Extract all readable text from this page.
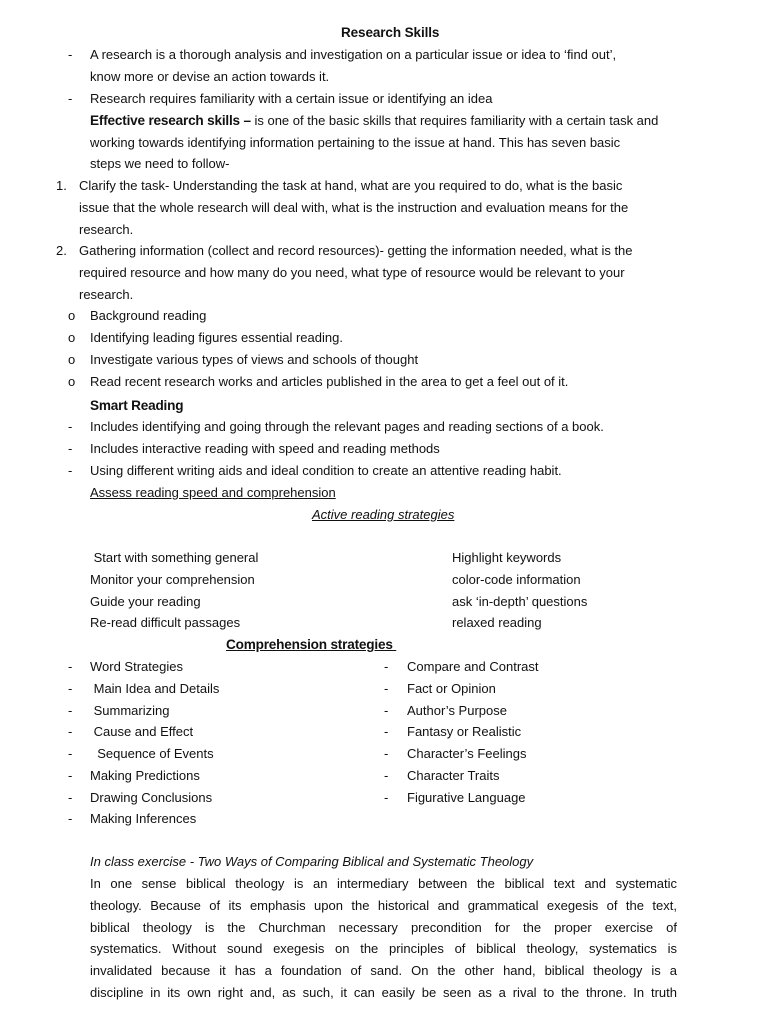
Research Skills
- A research is a thorough analysis and investigation on a particular issue or idea to ‘find out’,
know more or devise an action towards it.
- Research requires familiarity with a certain issue or identifying an idea
Effective research skills – is one of the basic skills that requires familiarity with a certain task and
working towards identifying information pertaining to the issue at hand. This has seven basic
steps we need to follow-
1. Clarify the task- Understanding the task at hand, what are you required to do, what is the basic
issue that the whole research will deal with, what is the instruction and evaluation means for the
research.
2. Gathering information (collect and record resources)- getting the information needed, what is the
required resource and how many do you need, what type of resource would be relevant to your
research.
o Background reading
o Identifying leading figures essential reading.
o Investigate various types of views and schools of thought
o Read recent research works and articles published in the area to get a feel out of it.
Smart Reading
- Includes identifying and going through the relevant pages and reading sections of a book.
- Includes interactive reading with speed and reading methods
- Using different writing aids and ideal condition to create an attentive reading habit.
Assess reading speed and comprehension
Active reading strategies
Start with something general
Monitor your comprehension
Guide your reading
Re-read difficult passages
Highlight keywords
color-code information
ask ‘in-depth’ questions
relaxed reading
Comprehension strategies
- Word Strategies
- Main Idea and Details
- Summarizing
- Cause and Effect
- Sequence of Events
- Making Predictions
- Drawing Conclusions
- Making Inferences
- Compare and Contrast
- Fact or Opinion
- Author’s Purpose
- Fantasy or Realistic
- Character’s Feelings
- Character Traits
- Figurative Language
In class exercise - Two Ways of Comparing Biblical and Systematic Theology
In one sense biblical theology is an intermediary between the biblical text and systematic
theology. Because of its emphasis upon the historical and grammatical exegesis of the text,
biblical theology is the Churchman necessary precondition for the proper exercise of
systematics. Without sound exegesis on the principles of biblical theology, systematics is
invalidated because it has a foundation of sand. On the other hand, biblical theology is a
discipline in its own right and, as such, it can easily be seen as a rival to the throne. In truth
